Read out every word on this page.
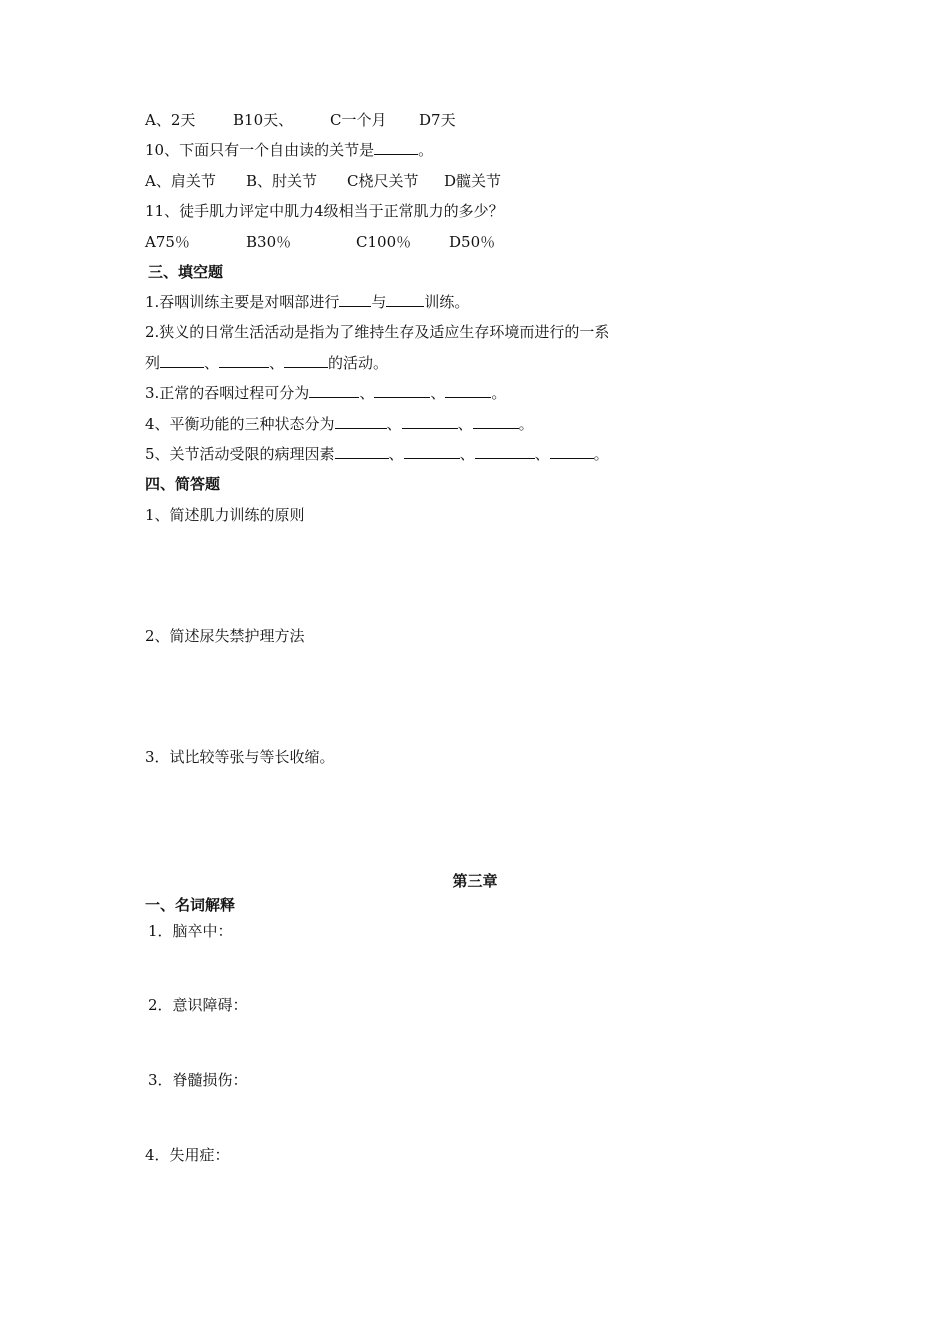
A、2天	B10天、 C一个月 D7天
10、下面只有一个自由读的关节是	。
A、肩关节 B、肘关节 C桡尺关节 D髋关节
11、徒手肌力评定中肌力4级相当于正常肌力的多少？
A75％	B30％	C100％	D50％
三、填空题
1.吞咽训练主要是对咽部进行 与	训练。
2.狭义的日常生活活动是指为了维持生存及适应生存环境而进行的一系
列	、	、	的活动。
3.正常的吞咽过程可分为	、	、	。
4、平衡功能的三种状态分为	、	、	。
5、关节活动受限的病理因素	、	、	、	。
四、简答题
1、简述肌力训练的原则
2、简述尿失禁护理方法
3．试比较等张与等长收缩。
第三章
一、名词解释
1．脑卒中：
2．意识障碍：
3．脊髓损伤：
4．失用症：
